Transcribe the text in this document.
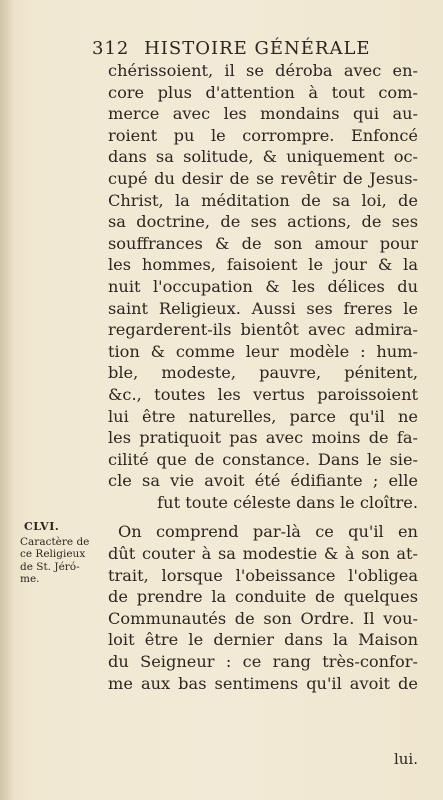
312 HISTOIRE GÉNÉRALE
chérissoient, il se déroba avec en-
core plus d'attention à tout com-
merce avec les mondains qui au-
roient pu le corrompre. Enfoncé
dans sa solitude, & uniquement oc-
cupé du desir de se revêtir de Jesus-
Christ, la méditation de sa loi, de
sa doctrine, de ses actions, de ses
souffrances & de son amour pour
les hommes, faisoient le jour & la
nuit l'occupation & les délices du
saint Religieux. Aussi ses freres le
regarderent-ils bientôt avec admira-
tion & comme leur modèle : hum-
ble, modeste, pauvre, pénitent,
&c., toutes les vertus paroissoient
lui être naturelles, parce qu'il ne
les pratiquoit pas avec moins de fa-
cilité que de constance. Dans le sie-
cle sa vie avoit été édifiante ; elle
fut toute céleste dans le cloître.
On comprend par-là ce qu'il en
dût couter à sa modestie & à son at-
trait, lorsque l'obeissance l'obligea
de prendre la conduite de quelques
Communautés de son Ordre. Il vou-
loit être le dernier dans la Maison
du Seigneur : ce rang très-confor-
me aux bas sentimens qu'il avoit de
CLVI.
Caractère de
ce Religieux
de St. Jéró-
me.
lui.
